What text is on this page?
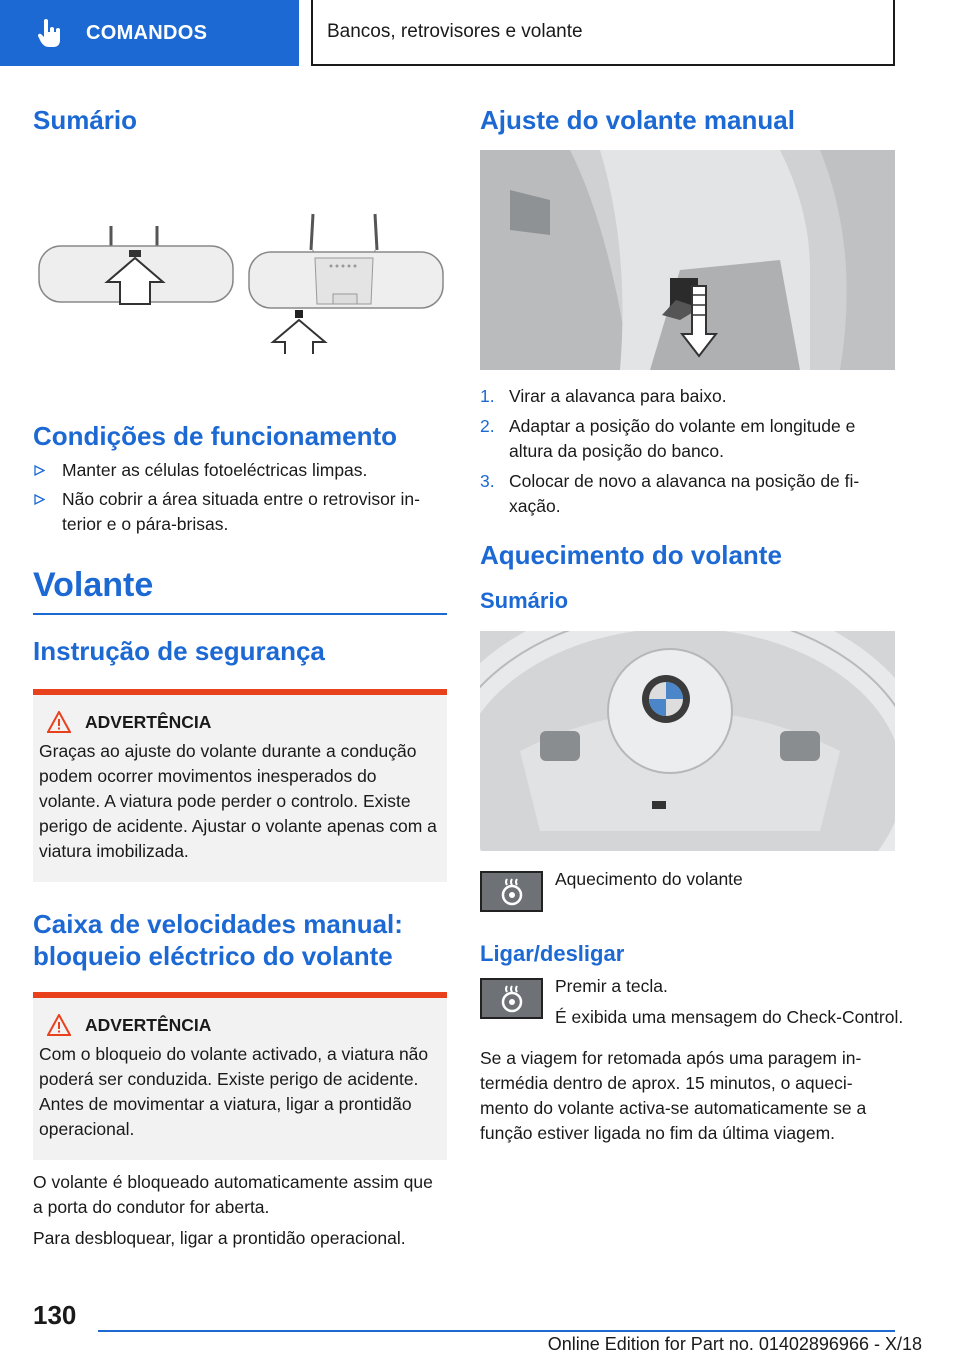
COMANDOS	Bancos, retrovisores e volante
Sumário
Condições de funcionamento
Manter as células fotoeléctricas limpas.
Não cobrir a área situada entre o retrovisor interior e o pára-brisas.
Volante
Instrução de segurança
ADVERTÊNCIA

Graças ao ajuste do volante durante a condução podem ocorrer movimentos inesperados do volante. A viatura pode perder o controlo. Existe perigo de acidente. Ajustar o volante apenas com a viatura imobilizada.

Caixa de velocidades manual: bloqueio eléctrico do volante
ADVERTÊNCIA

Com o bloqueio do volante activado, a viatura não poderá ser conduzida. Existe perigo de acidente. Antes de movimentar a viatura, ligar a prontidão operacional.

O volante é bloqueado automaticamente assim que a porta do condutor for aberta.

Para desbloquear, ligar a prontidão operacional.

Ajuste do volante manual
1. Virar a alavanca para baixo.
2. Adaptar a posição do volante em longitude e altura da posição do banco.
3. Colocar de novo a alavanca na posição de fixação.
Aquecimento do volante
Sumário

Aquecimento do volante

Ligar/desligar

Premir a tecla.

É exibida uma mensagem do Check-Control.

Se a viagem for retomada após uma paragem intermédia dentro de aprox. 15 minutos, o aquecimento do volante activa-se automaticamente se a função estiver ligada no fim da última viagem.

130
Online Edition for Part no. 01402896966 - X/18
